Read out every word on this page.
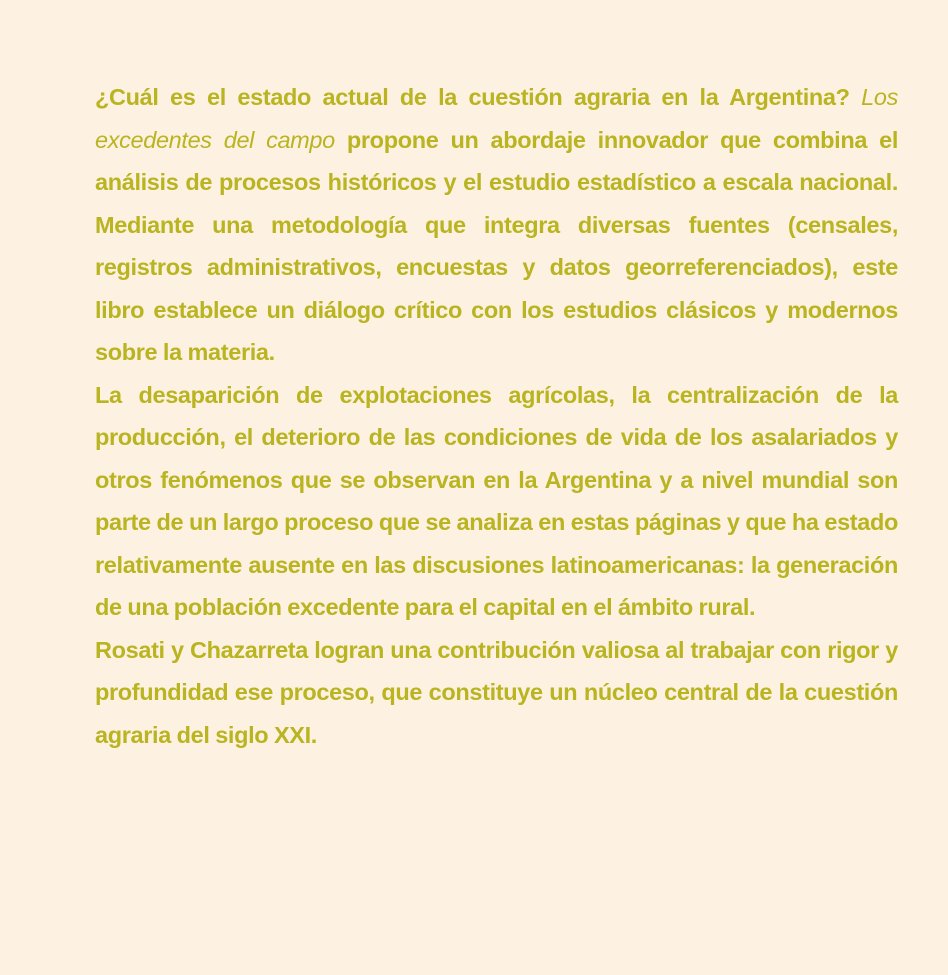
¿Cuál es el estado actual de la cuestión agraria en la Argentina? Los excedentes del campo propone un abordaje innovador que combina el análisis de procesos históricos y el estudio estadístico a escala nacional. Mediante una metodología que integra diversas fuentes (censales, registros administrativos, encuestas y datos georreferenciados), este libro establece un diálogo crítico con los estudios clásicos y modernos sobre la materia.

La desaparición de explotaciones agrícolas, la centralización de la producción, el deterioro de las condiciones de vida de los asalariados y otros fenómenos que se observan en la Argentina y a nivel mundial son parte de un largo proceso que se analiza en estas páginas y que ha estado relativamente ausente en las discusiones latinoamericanas: la generación de una población excedente para el capital en el ámbito rural.

Rosati y Chazarreta logran una contribución valiosa al trabajar con rigor y profundidad ese proceso, que constituye un núcleo central de la cuestión agraria del siglo XXI.
